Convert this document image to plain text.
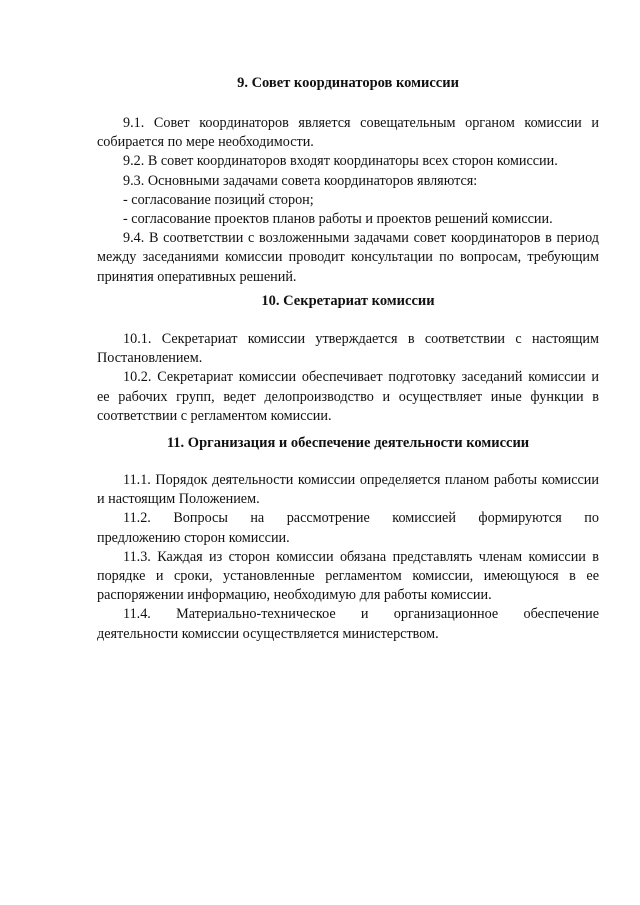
9. Совет координаторов комиссии

9.1. Совет координаторов является совещательным органом комиссии и собирается по мере необходимости.

9.2. В совет координаторов входят координаторы всех сторон комиссии.

9.3. Основными задачами совета координаторов являются:

- согласование позиций сторон;

- согласование проектов планов работы и проектов решений комиссии.

9.4. В соответствии с возложенными задачами совет координаторов в период между заседаниями комиссии проводит консультации по вопросам, требующим принятия оперативных решений.

10. Секретариат комиссии

10.1. Секретариат комиссии утверждается в соответствии с настоящим Постановлением.

10.2. Секретариат комиссии обеспечивает подготовку заседаний комиссии и ее рабочих групп, ведет делопроизводство и осуществляет иные функции в соответствии с регламентом комиссии.

11. Организация и обеспечение деятельности комиссии

11.1. Порядок деятельности комиссии определяется планом работы комиссии и настоящим Положением.

11.2. Вопросы на рассмотрение комиссией формируются по

предложению сторон комиссии.

11.3. Каждая из сторон комиссии обязана представлять членам комиссии в порядке и сроки, установленные регламентом комиссии, имеющуюся в ее распоряжении информацию, необходимую для работы комиссии.

11.4. Материально-техническое и организационное обеспечение

деятельности комиссии осуществляется министерством.
